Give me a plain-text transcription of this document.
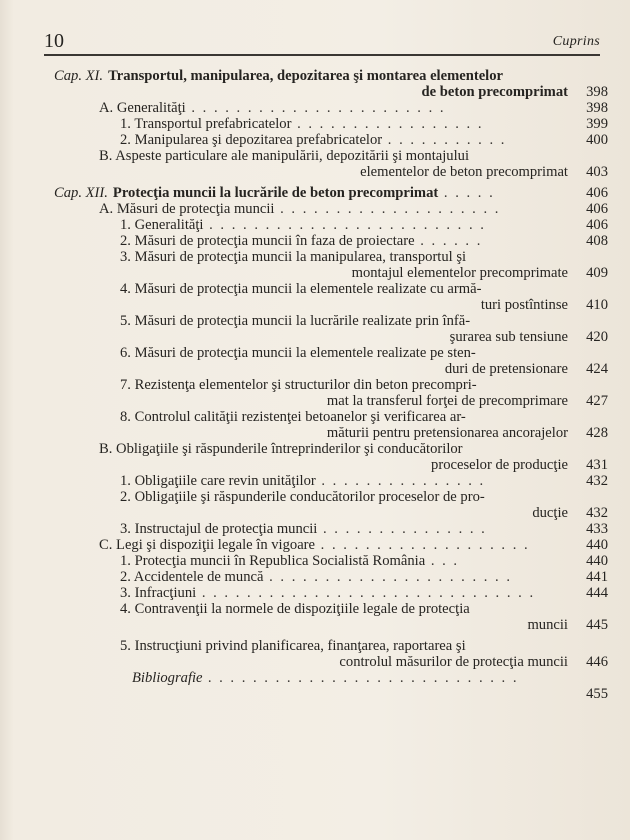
10	Cuprins
Cap. XI. Transportul, manipularea, depozitarea şi montarea elementelor
de beton precomprimat	398
A. Generalităţi . . . . . . . . . . . . . . . . . . . . . . .	398
1. Transportul prefabricatelor . . . . . . . . . . . . . . . . .	399
2. Manipularea şi depozitarea prefabricatelor . . . . . . . . . . .	400
B. Aspeste particulare ale manipulării, depozitării şi montajului
elementelor de beton precomprimat	403
Cap. XII. Protecţia muncii la lucrările de beton precomprimat . . . . .	406
A. Măsuri de protecţia muncii . . . . . . . . . . . . . . . . . . . .	406
1. Generalităţi . . . . . . . . . . . . . . . . . . . . . . . . .	406
2. Măsuri de protecţia muncii în faza de proiectare . . . . . .	408
3. Măsuri de protecţia muncii la manipularea, transportul şi
montajul elementelor precomprimate	409
4. Măsuri de protecţia muncii la elementele realizate cu armă-
turi postîntinse	410
5. Măsuri de protecţia muncii la lucrările realizate prin înfă-
şurarea sub tensiune	420
6. Măsuri de protecţia muncii la elementele realizate pe sten-
duri de pretensionare	424
7. Rezistenţa elementelor şi structurilor din beton precompri-
mat la transferul forţei de precomprimare	427
8. Controlul calităţii rezistenţei betoanelor şi verificarea ar-
măturii pentru pretensionarea ancorajelor	428
B. Obligaţiile şi răspunderile întreprinderilor şi conducătorilor
proceselor de producţie	431
1. Obligaţiile care revin unităţilor . . . . . . . . . . . . . . .	432
2. Obligaţiile şi răspunderile conducătorilor proceselor de pro-
ducţie	432
3. Instructajul de protecţia muncii . . . . . . . . . . . . . . .	433
C. Legi şi dispoziţii legale în vigoare . . . . . . . . . . . . . . . . . . .	440
1. Protecţia muncii în Republica Socialistă România . . .	440
2. Accidentele de muncă . . . . . . . . . . . . . . . . . . . . . .	441
3. Infracţiuni . . . . . . . . . . . . . . . . . . . . . . . . . . . . . .	444
4. Contravenţii la normele de dispoziţiile legale de protecţia
muncii	445
5. Instrucţiuni privind planificarea, finanţarea, raportarea şi
controlul măsurilor de protecţia muncii	446
Bibliografie . . . . . . . . . . . . . . . . . . . . . . . . . . . .
455
